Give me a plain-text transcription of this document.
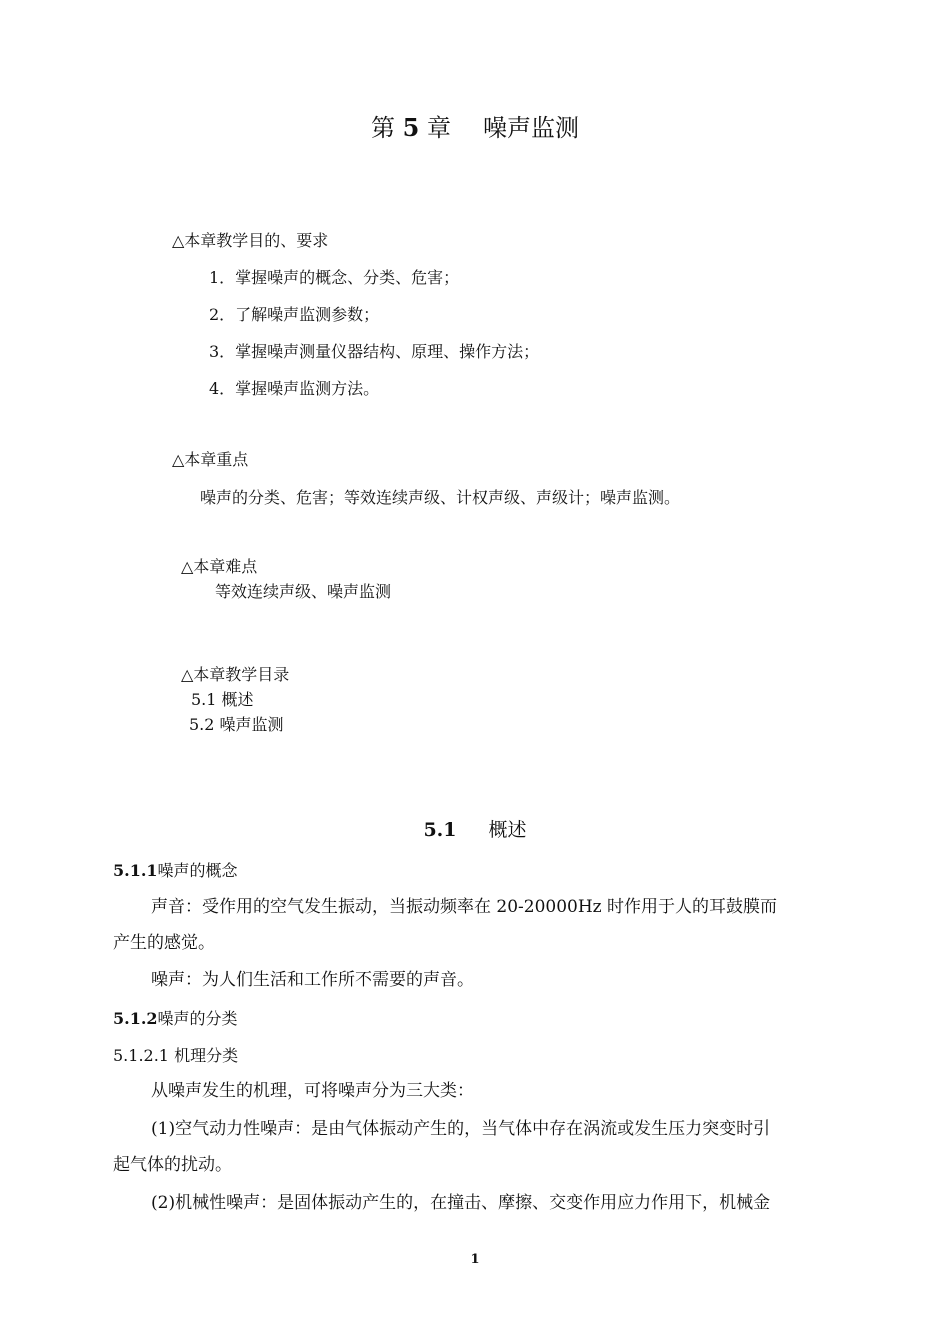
第 5 章 噪声监测
△本章教学目的、要求
1．掌握噪声的概念、分类、危害；
2．了解噪声监测参数；
3．掌握噪声测量仪器结构、原理、操作方法；
4．掌握噪声监测方法。
△本章重点
噪声的分类、危害；等效连续声级、计权声级、声级计；噪声监测。
△本章难点
等效连续声级、噪声监测
△本章教学目录
5.1 概述
5.2 噪声监测
5.1 概述
5.1.1噪声的概念
声音：受作用的空气发生振动，当振动频率在 20-20000Hz 时作用于人的耳鼓膜而
产生的感觉。
噪声：为人们生活和工作所不需要的声音。
5.1.2噪声的分类
5.1.2.1 机理分类
从噪声发生的机理，可将噪声分为三大类：
(1)空气动力性噪声：是由气体振动产生的，当气体中存在涡流或发生压力突变时引
起气体的扰动。
(2)机械性噪声：是固体振动产生的，在撞击、摩擦、交变作用应力作用下，机械金
1
